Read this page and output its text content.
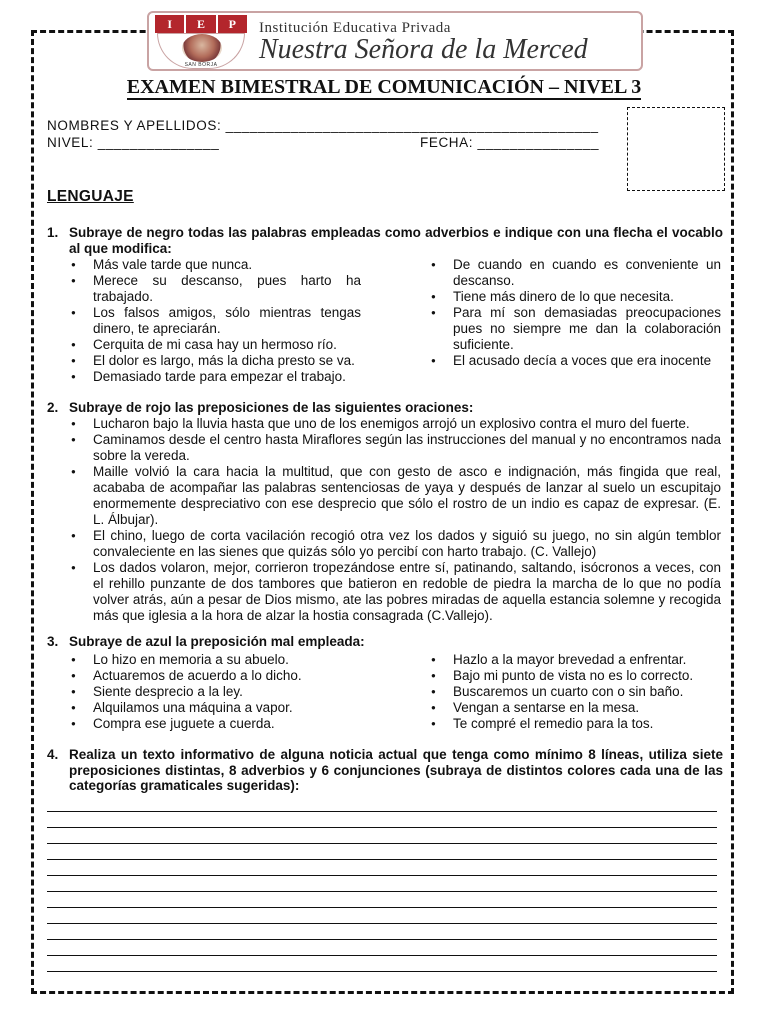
I	E	P
SAN BORJA
Institución Educativa Privada
Nuestra Señora de la Merced
EXAMEN BIMESTRAL DE COMUNICACIÓN – NIVEL 3
NOMBRES Y APELLIDOS: ______________________________________________
NIVEL: _______________	FECHA: _______________
LENGUAJE
1. Subraye de negro todas las palabras empleadas como adverbios e indique con una flecha el vocablo al que modifica:
● Más vale tarde que nunca.
● Merece su descanso, pues harto ha trabajado.
● Los falsos amigos, sólo mientras tengas dinero, te apreciarán.
● Cerquita de mi casa hay un hermoso río.
● El dolor es largo, más la dicha presto se va.
● Demasiado tarde para empezar el trabajo.
● De cuando en cuando es conveniente un descanso.
● Tiene más dinero de lo que necesita.
● Para mí son demasiadas preocupaciones pues no siempre me dan la colaboración suficiente.
● El acusado decía a voces que era inocente
2. Subraye de rojo las preposiciones de las siguientes oraciones:
● Lucharon bajo la lluvia hasta que uno de los enemigos arrojó un explosivo contra el muro del fuerte.
● Caminamos desde el centro hasta Miraflores según las instrucciones del manual y no encontramos nada sobre la vereda.
● Maille volvió la cara hacia la multitud, que con gesto de asco e indignación, más fingida que real, acababa de acompañar las palabras sentenciosas de yaya y después de lanzar al suelo un escupitajo enormemente despreciativo con ese desprecio que sólo el rostro de un indio es capaz de expresar. (E. L. Álbujar).
● El chino, luego de corta vacilación recogió otra vez los dados y siguió su juego, no sin algún temblor convaleciente en las sienes que quizás sólo yo percibí con harto trabajo. (C. Vallejo)
● Los dados volaron, mejor, corrieron tropezándose entre sí, patinando, saltando, isócronos a veces, con el rehillo punzante de dos tambores que batieron en redoble de piedra la marcha de lo que no podía volver atrás, aún a pesar de Dios mismo, ate las pobres miradas de aquella estancia solemne y recogida más que iglesia a la hora de alzar la hostia consagrada (C.Vallejo).
3. Subraye de azul la preposición mal empleada:
● Lo hizo en memoria a su abuelo.
● Actuaremos de acuerdo a lo dicho.
● Siente desprecio a la ley.
● Alquilamos una máquina a vapor.
● Compra ese juguete a cuerda.
● Hazlo a la mayor brevedad a enfrentar.
● Bajo mi punto de vista no es lo correcto.
● Buscaremos un cuarto con o sin baño.
● Vengan a sentarse en la mesa.
● Te compré el remedio para la tos.
4. Realiza un texto informativo de alguna noticia actual que tenga como mínimo 8 líneas, utiliza siete preposiciones distintas, 8 adverbios y 6 conjunciones (subraya de distintos colores cada una de las categorías gramaticales sugeridas):
